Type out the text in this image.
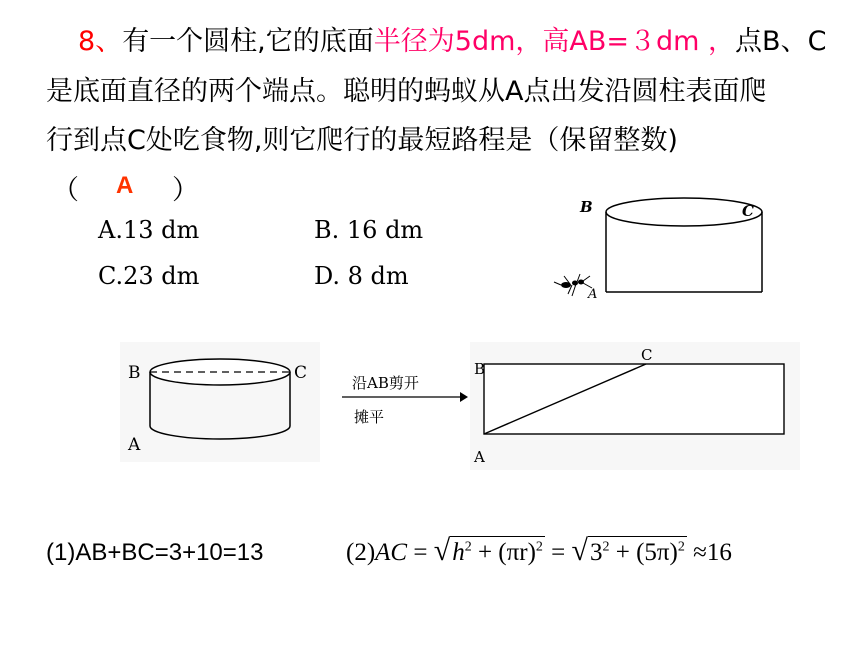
8、有一个圆柱,它的底面半径为5dm，高AB=３dm ，点B、C
是底面直径的两个端点。聪明的蚂蚁从A点出发沿圆柱表面爬
行到点C处吃食物,则它爬行的最短路程是（保留整数)
（ A ）
A.13 dm	B. 16 dm
C.23 dm	D. 8 dm
B	C
A
B	C
A
沿AB剪开
摊平
B
C
A
(1)AB+BC=3+10=13	$(2)AC = √h^2 + (\pi r)^2 = √3^2 + (5\pi)^2 \approx 16$
